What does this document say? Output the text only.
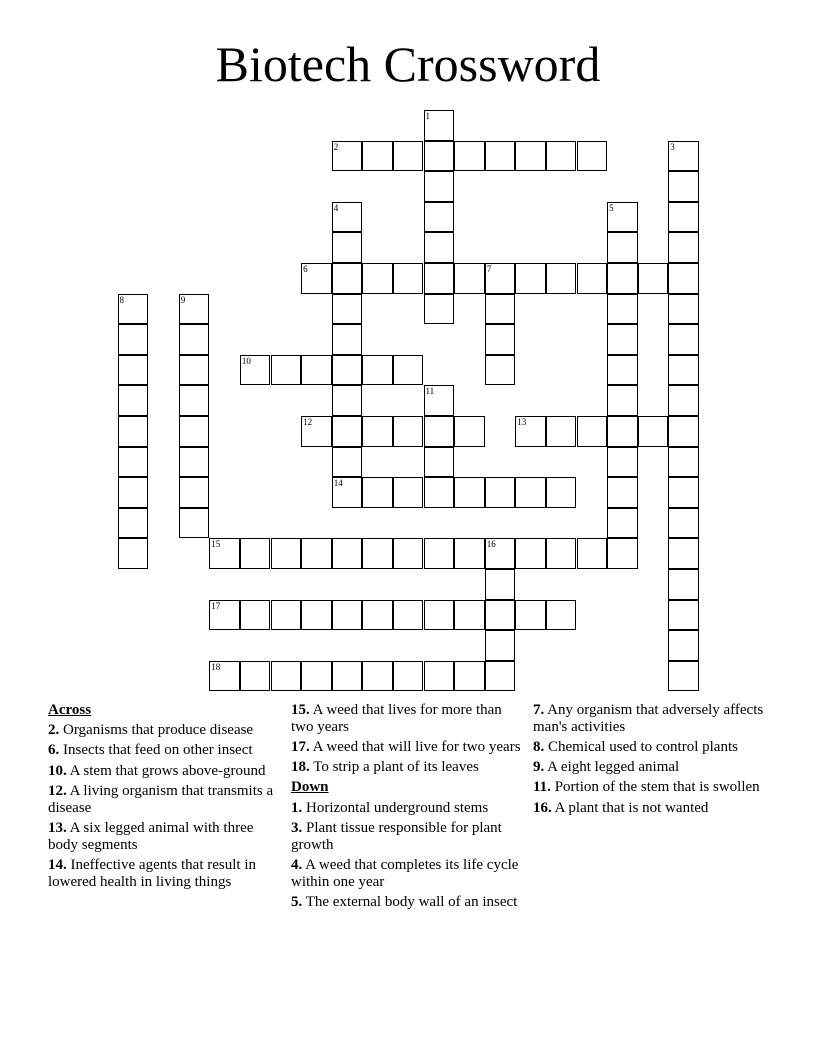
Biotech Crossword
1
2	3
4
14
5
6	7
8	9
10
11
12	13
15	16
17
18
Across
2. Organisms that produce disease
6. Insects that feed on other insect
10. A stem that grows above-ground
12. A living organism that transmits a disease
13. A six legged animal with three body segments
14. Ineffective agents that result in lowered health in living things
15. A weed that lives for more than two years
17. A weed that will live for two years
18. To strip a plant of its leaves
Down
1. Horizontal underground stems
3. Plant tissue responsible for plant growth
4. A weed that completes its life cycle within one year
5. The external body wall of an insect
7. Any organism that adversely affects man's activities
8. Chemical used to control plants
9. A eight legged animal
11. Portion of the stem that is swollen
16. A plant that is not wanted
